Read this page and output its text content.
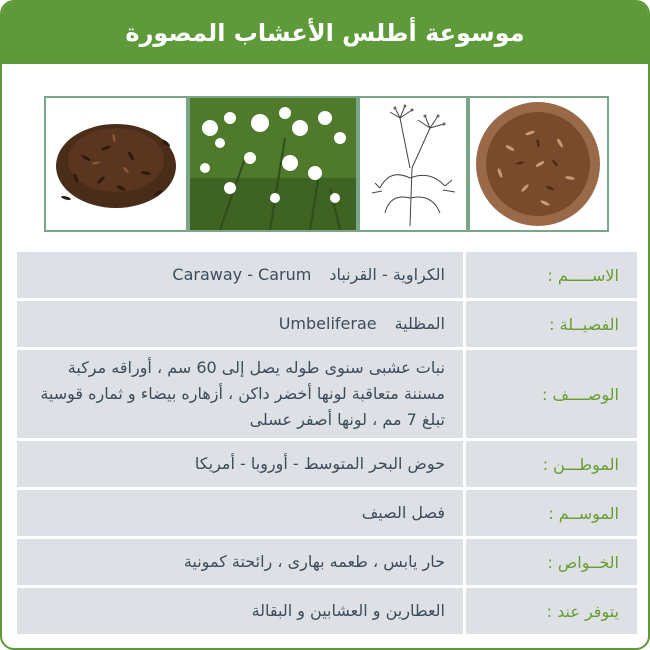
موسوعة أطلس الأعشاب المصورة
الاســـــم :
الكراوية - القرنباد
Caraway - Carum
الفصيــلة :
المظلية
Umbeliferae
الوصــــف :
نبات عشبى سنوى طوله يصل إلى 60 سم ، أوراقه مركبة مسننة متعاقبة لونها أخضر داكن ، أزهاره بيضاء و ثماره قوسية تبلغ 7 مم ، لونها أصفر عسلى
الموطـــن :
حوض البحر المتوسط - أوروبا - أمريكا
الموســم :
فصل الصيف
الخــواص :
حار يابس ، طعمه بهارى ، رائحتة كمونية
يتوفر عند :
العطارين و العشابين و البقالة
